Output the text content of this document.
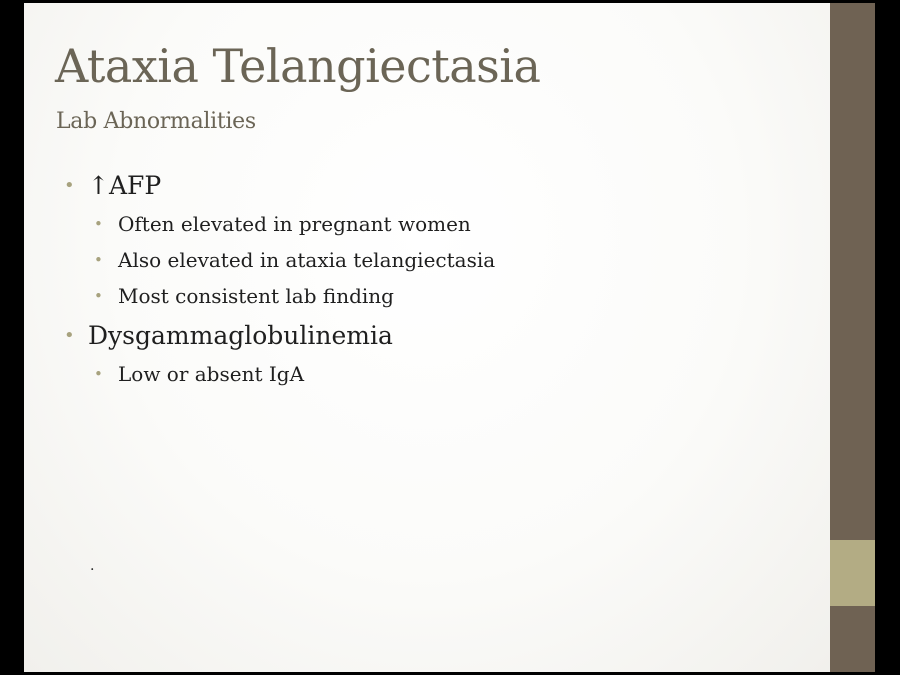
Ataxia Telangiectasia
Lab Abnormalities
• ↑AFP
• Often elevated in pregnant women
• Also elevated in ataxia telangiectasia
• Most consistent lab finding
• Dysgammaglobulinemia
• Low or absent IgA
.
